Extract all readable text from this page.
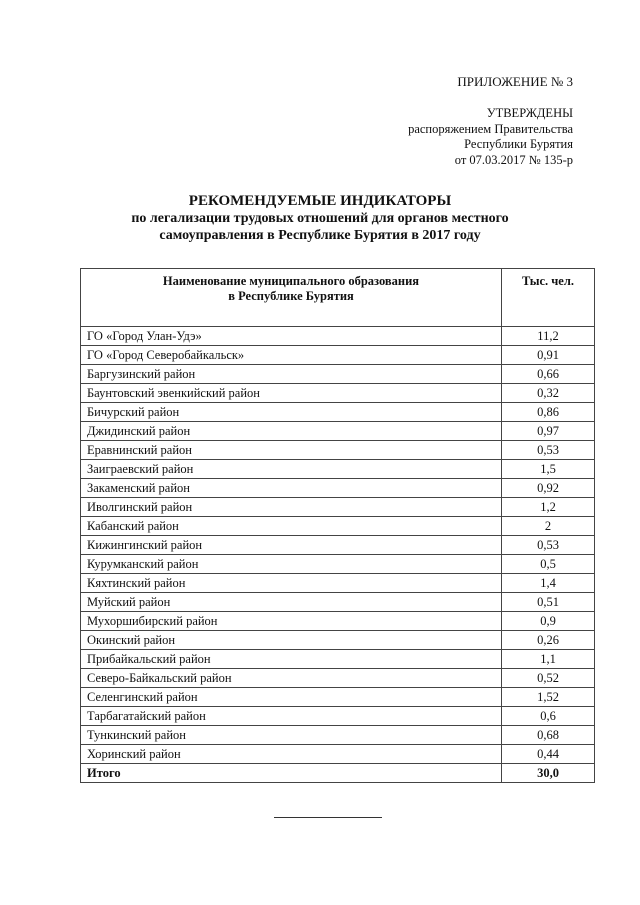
ПРИЛОЖЕНИЕ № 3
УТВЕРЖДЕНЫ
распоряжением Правительства
Республики Бурятия
от 07.03.2017 № 135-р
РЕКОМЕНДУЕМЫЕ ИНДИКАТОРЫ
по легализации трудовых отношений для органов местного
самоуправления в Республике Бурятия в 2017 году
Наименование муниципального образования
в Республике Бурятия	Тыс. чел.
ГО «Город Улан-Удэ»	11,2
ГО «Город Северобайкальск»	0,91
Баргузинский район	0,66
Баунтовский эвенкийский район	0,32
Бичурский район	0,86
Джидинский район	0,97
Еравнинский район	0,53
Заиграевский район	1,5
Закаменский район	0,92
Иволгинский район	1,2
Кабанский район	2
Кижингинский район	0,53
Курумканский район	0,5
Кяхтинский район	1,4
Муйский район	0,51
Мухоршибирский район	0,9
Окинский район	0,26
Прибайкальский район	1,1
Северо-Байкальский район	0,52
Селенгинский район	1,52
Тарбагатайский район	0,6
Тункинский район	0,68
Хоринский район	0,44
Итого	30,0
